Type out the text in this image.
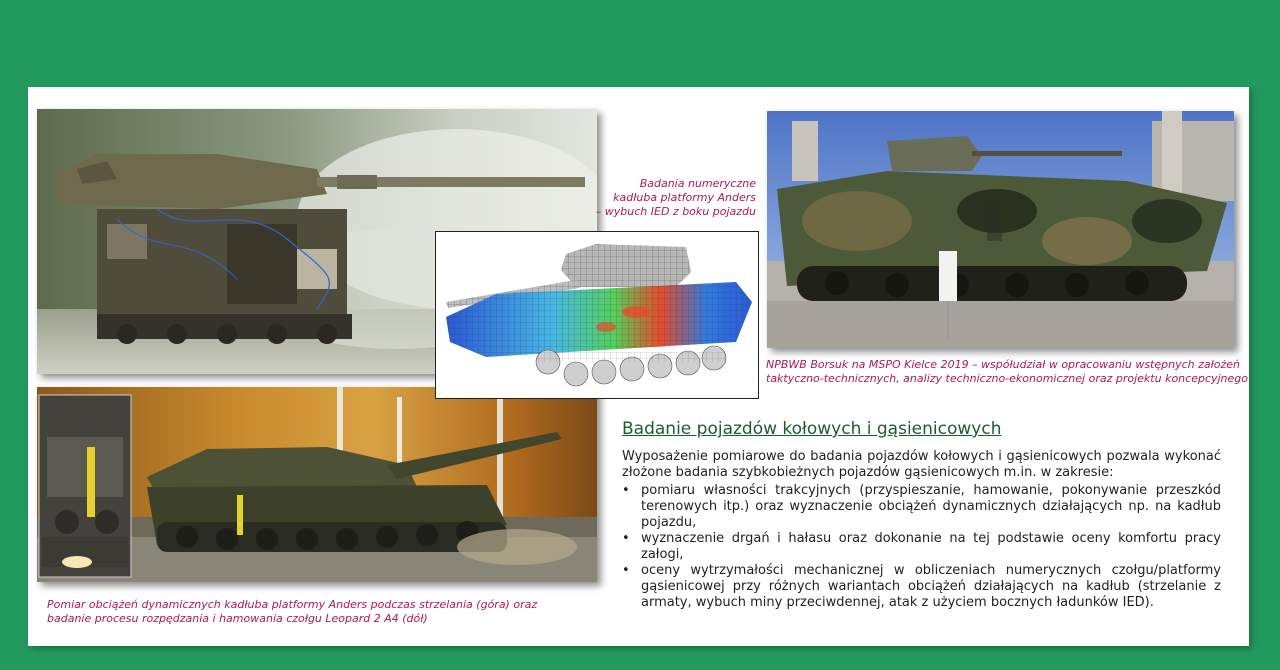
Badania numeryczne
kadłuba platformy Anders
– wybuch IED z boku pojazdu

NPBWB Borsuk na MSPO Kielce 2019 – współudział w opracowaniu wstępnych założeń
taktyczno-technicznych, analizy techniczno-ekonomicznej oraz projektu koncepcyjnego

Pomiar obciążeń dynamicznych kadłuba platformy Anders podczas strzelania (góra) oraz
badanie procesu rozpędzania i hamowania czołgu Leopard 2 A4 (dół)

Badanie pojazdów kołowych i gąsienicowych

Wyposażenie pomiarowe do badania pojazdów kołowych i gąsienicowych pozwala wykonać złożone badania szybkobieżnych pojazdów gąsienicowych m.in. w zakresie:

• pomiaru własności trakcyjnych (przyspieszanie, hamowanie, pokonywanie przeszkód terenowych itp.) oraz wyznaczenie obciążeń dynamicznych działających np. na kadłub pojazdu,
• wyznaczenie drgań i hałasu oraz dokonanie na tej podstawie oceny komfortu pracy załogi,
• oceny wytrzymałości mechanicznej w obliczeniach numerycznych czołgu/platformy gąsienicowej przy różnych wariantach obciążeń działających na kadłub (strzelanie z armaty, wybuch miny przeciwdennej, atak z użyciem bocznych ładunków IED).
